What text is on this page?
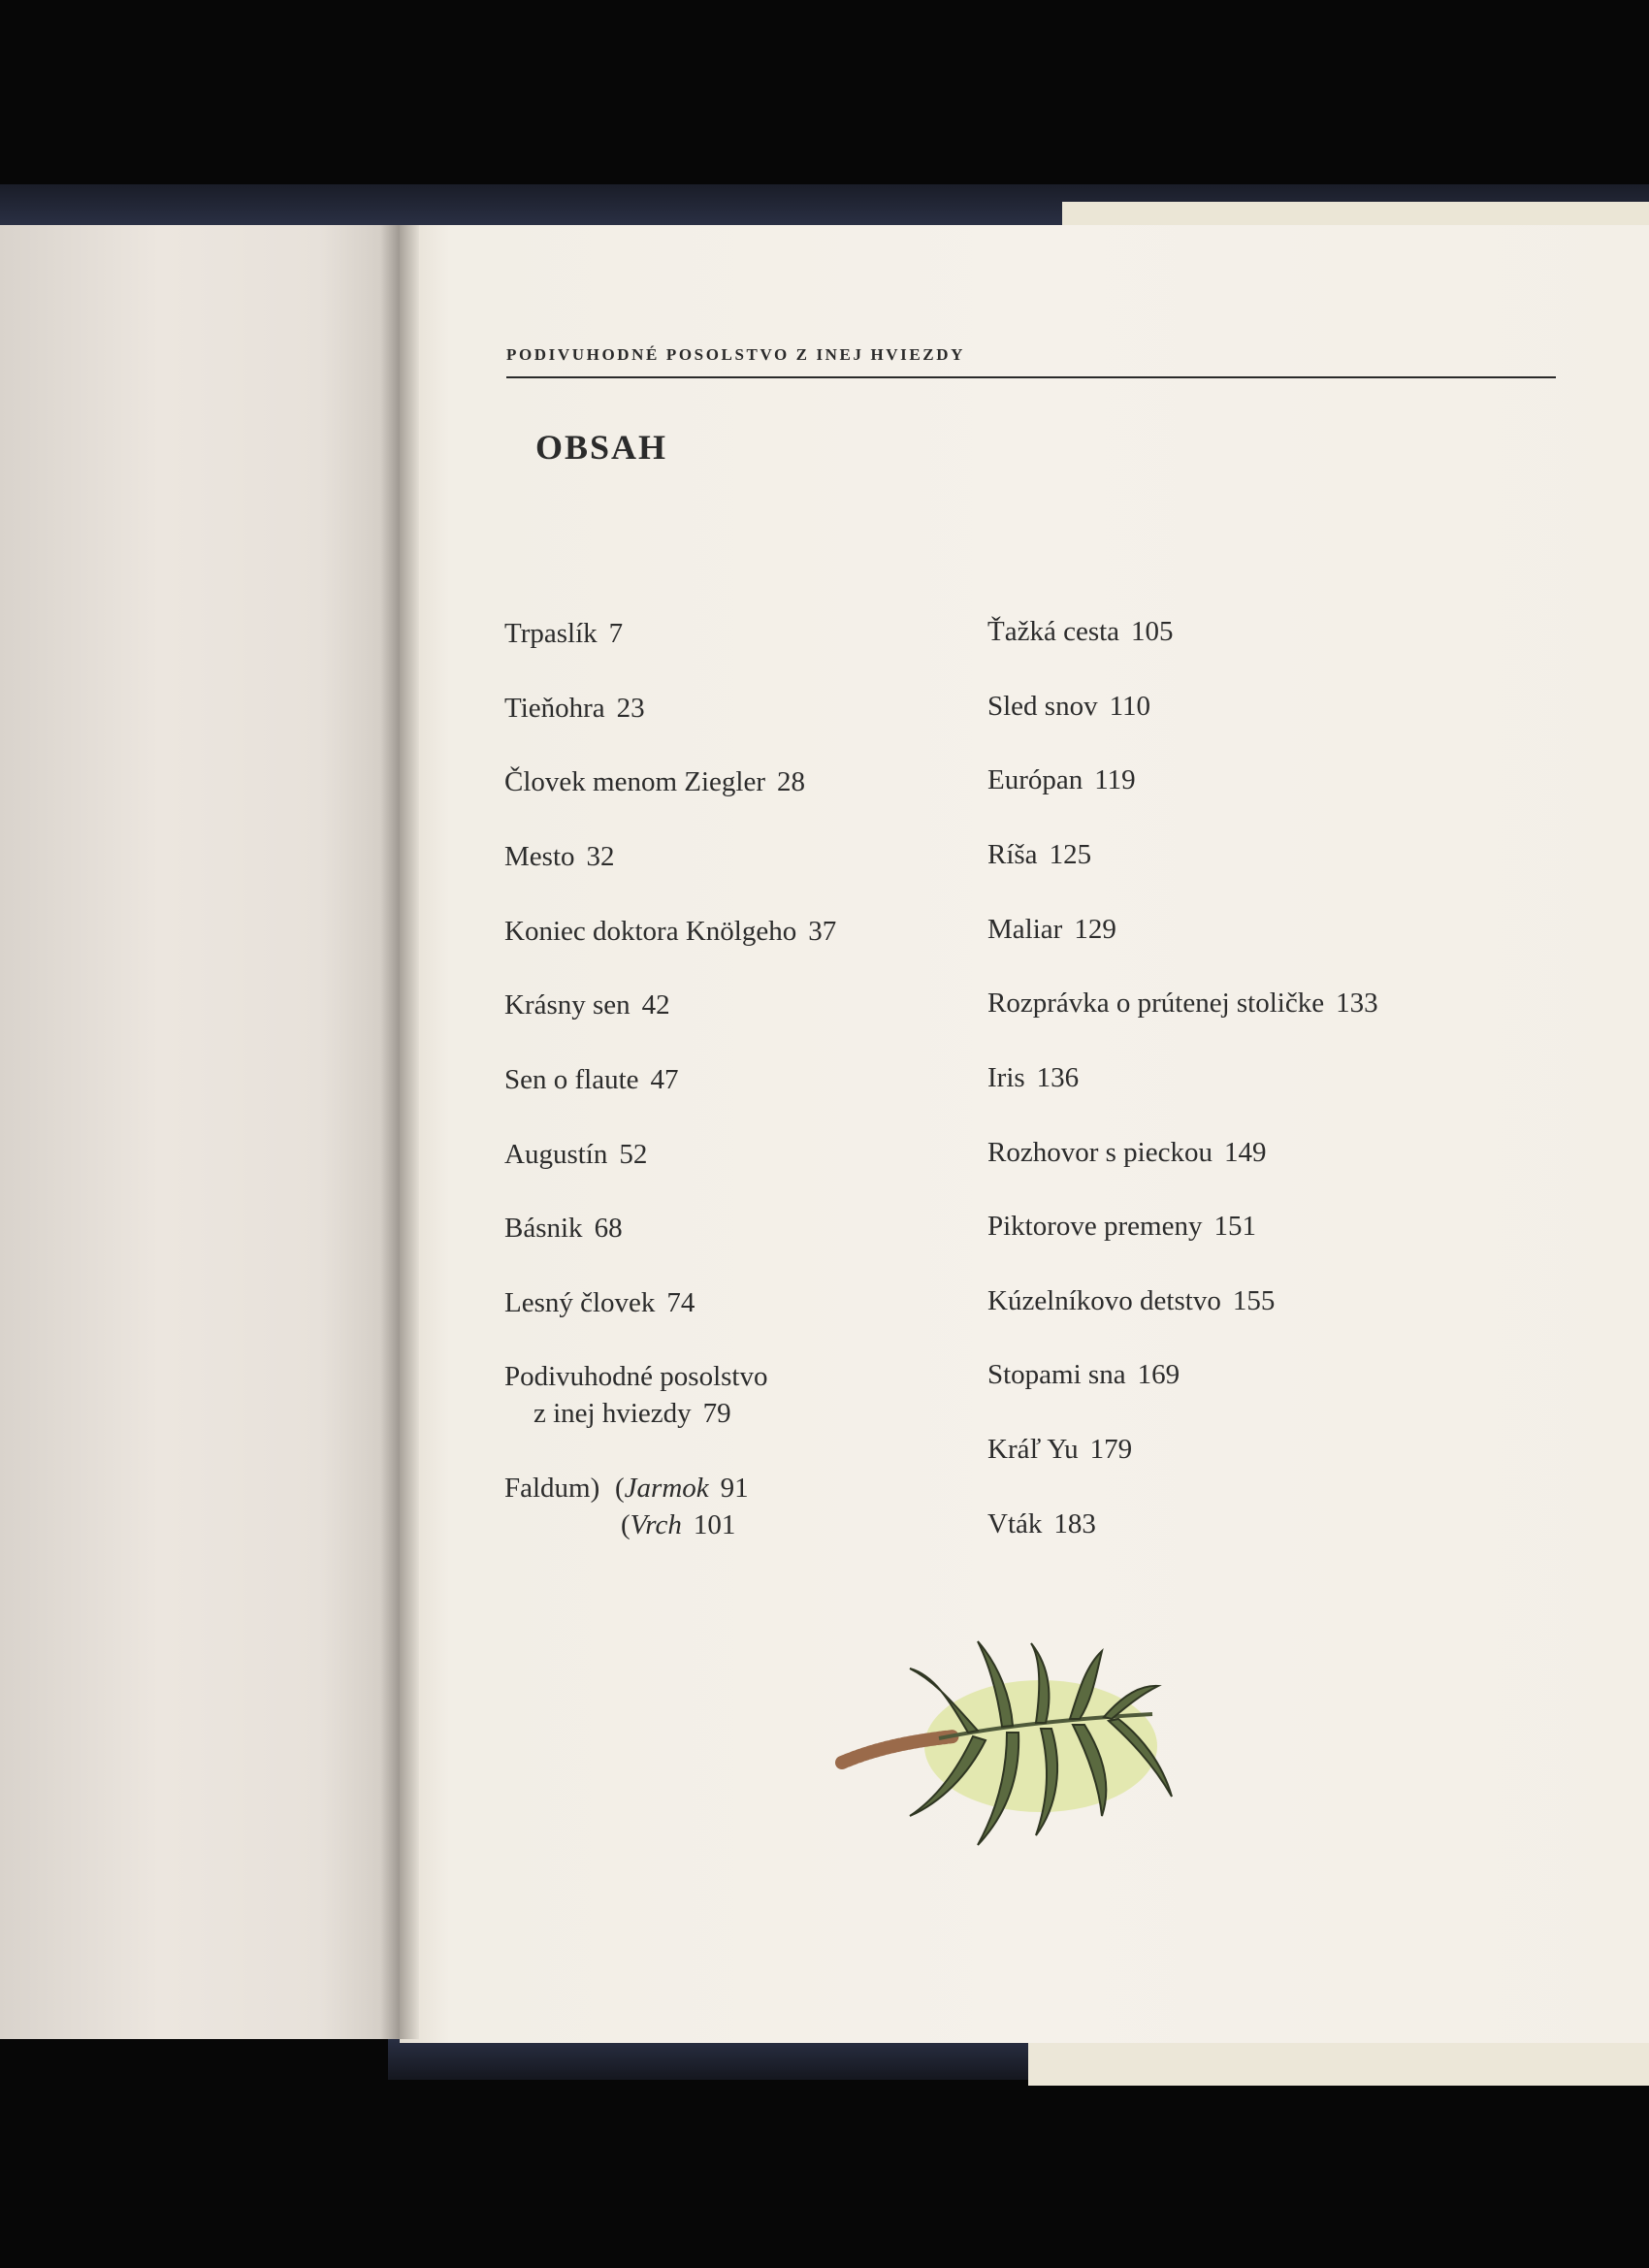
PODIVUHODNÉ POSOLSTVO Z INEJ HVIEZDY
OBSAH
Trpaslík 7
Tieňohra 23
Človek menom Ziegler 28
Mesto 32
Koniec doktora Knölgeho 37
Krásny sen 42
Sen o flaute 47
Augustín 52
Básnik 68
Lesný človek 74
Podivuhodné posolstvo
z inej hviezdy 79
Faldum) (Jarmok 91
(Vrch 101
Ťažká cesta 105
Sled snov 110
Európan 119
Ríša 125
Maliar 129
Rozprávka o prútenej stoličke 133
Iris 136
Rozhovor s pieckou 149
Piktorove premeny 151
Kúzelníkovo detstvo 155
Stopami sna 169
Kráľ Yu 179
Vták 183
